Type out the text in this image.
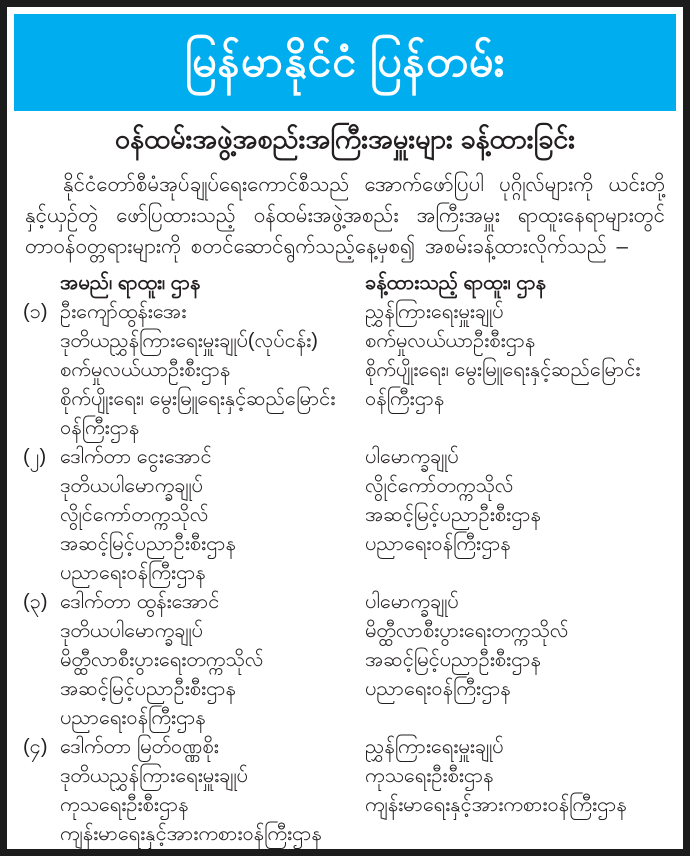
မြန်မာနိုင်ငံ ပြန်တမ်း
ဝန်ထမ်းအဖွဲ့အစည်းအကြီးအမှူးများ ခန့်ထားခြင်း
နိုင်ငံတော်စီမံအုပ်ချုပ်ရေးကောင်စီသည် အောက်ဖော်ပြပါ ပုဂ္ဂိုလ်များကို ယင်းတို့နှင့်ယှဉ်တွဲ ဖော်ပြထားသည့် ဝန်ထမ်းအဖွဲ့အစည်း အကြီးအမှူး ရာထူးနေရာများတွင် တာဝန်ဝတ္တရားများကို စတင်ဆောင်ရွက်သည့်နေ့မှစ၍ အစမ်းခန့်ထားလိုက်သည် –
အမည်၊ ရာထူး၊ ဌာန	ခန့်ထားသည့် ရာထူး၊ ဌာန
(၁) ဦးကျော်ထွန်းအေး
ဒုတိယညွှန်ကြားရေးမှူးချုပ်(လုပ်ငန်း)
စက်မှုလယ်ယာဦးစီးဌာန
စိုက်ပျိုးရေး၊ မွေးမြူရေးနှင့်ဆည်မြောင်း
ဝန်ကြီးဌာန
ညွှန်ကြားရေးမှူးချုပ်
စက်မှုလယ်ယာဦးစီးဌာန
စိုက်ပျိုးရေး၊ မွေးမြူရေးနှင့်ဆည်မြောင်း
ဝန်ကြီးဌာန
(၂) ဒေါက်တာ ငွေးအောင်
ဒုတိယပါမောက္ခချုပ်
လွိုင်ကော်တက္ကသိုလ်
အဆင့်မြင့်ပညာဦးစီးဌာန
ပညာရေးဝန်ကြီးဌာန
ပါမောက္ခချုပ်
လွိုင်ကော်တက္ကသိုလ်
အဆင့်မြင့်ပညာဦးစီးဌာန
ပညာရေးဝန်ကြီးဌာန
(၃) ဒေါက်တာ ထွန်းအောင်
ဒုတိယပါမောက္ခချုပ်
မိတ္ထီလာစီးပွားရေးတက္ကသိုလ်
အဆင့်မြင့်ပညာဦးစီးဌာန
ပညာရေးဝန်ကြီးဌာန
ပါမောက္ခချုပ်
မိတ္ထီလာစီးပွားရေးတက္ကသိုလ်
အဆင့်မြင့်ပညာဦးစီးဌာန
ပညာရေးဝန်ကြီးဌာန
(၄) ဒေါက်တာ မြတ်ဝဏ္ဏစိုး
ဒုတိယညွှန်ကြားရေးမှူးချုပ်
ကုသရေးဦးစီးဌာန
ကျန်းမာရေးနှင့်အားကစားဝန်ကြီးဌာန
ညွှန်ကြားရေးမှူးချုပ်
ကုသရေးဦးစီးဌာန
ကျန်းမာရေးနှင့်အားကစားဝန်ကြီးဌာန
